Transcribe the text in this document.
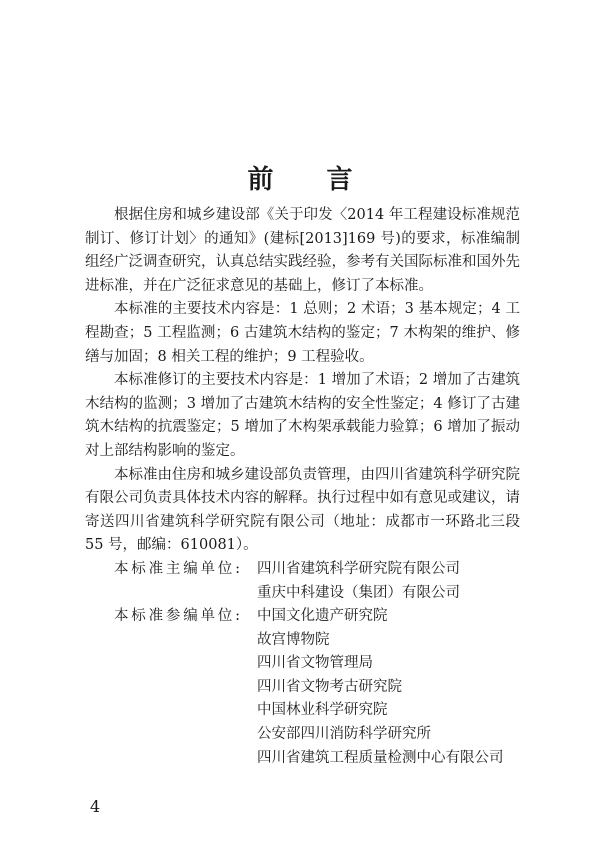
前 言

根据住房和城乡建设部《关于印发〈2014 年工程建设标准规范制订、修订计划〉的通知》(建标[2013]169 号)的要求，标准编制组经广泛调查研究，认真总结实践经验，参考有关国际标准和国外先进标准，并在广泛征求意见的基础上，修订了本标准。

本标准的主要技术内容是：1 总则；2 术语；3 基本规定；4 工程勘查；5 工程监测；6 古建筑木结构的鉴定；7 木构架的维护、修缮与加固；8 相关工程的维护；9 工程验收。

本标准修订的主要技术内容是：1 增加了术语；2 增加了古建筑木结构的监测；3 增加了古建筑木结构的安全性鉴定；4 修订了古建筑木结构的抗震鉴定；5 增加了木构架承载能力验算；6 增加了振动对上部结构影响的鉴定。

本标准由住房和城乡建设部负责管理，由四川省建筑科学研究院有限公司负责具体技术内容的解释。执行过程中如有意见或建议，请寄送四川省建筑科学研究院有限公司（地址：成都市一环路北三段 55 号，邮编：610081）。

本标准主编单位: 四川省建筑科学研究院有限公司
重庆中科建设（集团）有限公司
本标准参编单位: 中国文化遗产研究院
故宫博物院
四川省文物管理局
四川省文物考古研究院
中国林业科学研究院
公安部四川消防科学研究所
四川省建筑工程质量检测中心有限公司
4
